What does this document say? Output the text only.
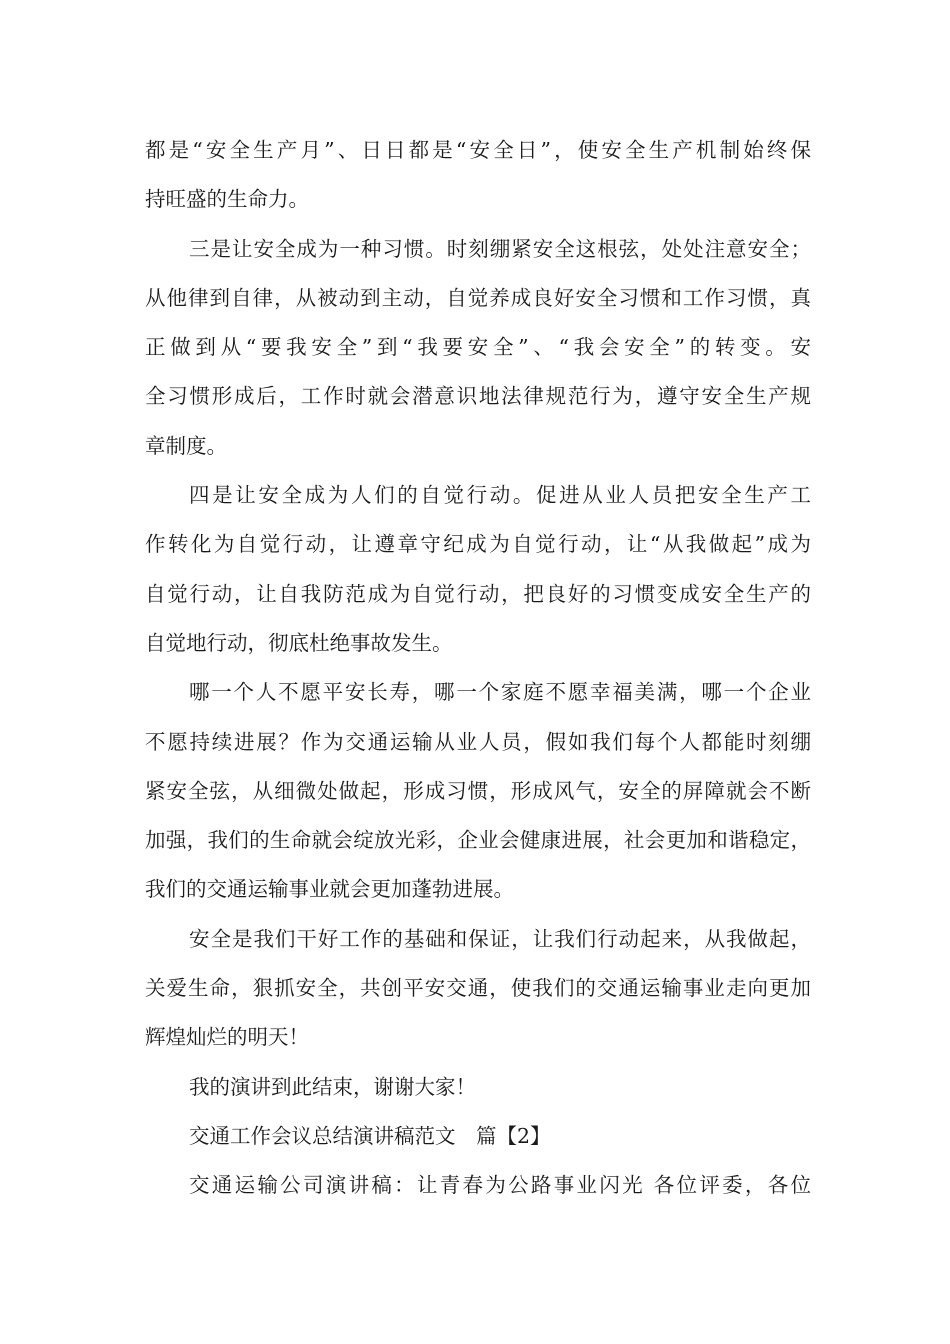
都是“安全生产月”、日日都是“安全日”，使安全生产机制始终保
持旺盛的生命力。
三是让安全成为一种习惯。时刻绷紧安全这根弦，处处注意安全；
从他律到自律，从被动到主动，自觉养成良好安全习惯和工作习惯，真
正做到从“要我安全”到“我要安全”、“我会安全”的转变。安
全习惯形成后，工作时就会潜意识地法律规范行为，遵守安全生产规
章制度。
四是让安全成为人们的自觉行动。促进从业人员把安全生产工
作转化为自觉行动，让遵章守纪成为自觉行动，让“从我做起”成为
自觉行动，让自我防范成为自觉行动，把良好的习惯变成安全生产的
自觉地行动，彻底杜绝事故发生。
哪一个人不愿平安长寿，哪一个家庭不愿幸福美满，哪一个企业
不愿持续进展？作为交通运输从业人员，假如我们每个人都能时刻绷
紧安全弦，从细微处做起，形成习惯，形成风气，安全的屏障就会不断
加强，我们的生命就会绽放光彩，企业会健康进展，社会更加和谐稳定，
我们的交通运输事业就会更加蓬勃进展。
安全是我们干好工作的基础和保证，让我们行动起来，从我做起，
关爱生命，狠抓安全，共创平安交通，使我们的交通运输事业走向更加
辉煌灿烂的明天！
我的演讲到此结束，谢谢大家！
交通工作会议总结演讲稿范文　篇【2】
交通运输公司演讲稿：让青春为公路事业闪光 各位评委，各位
